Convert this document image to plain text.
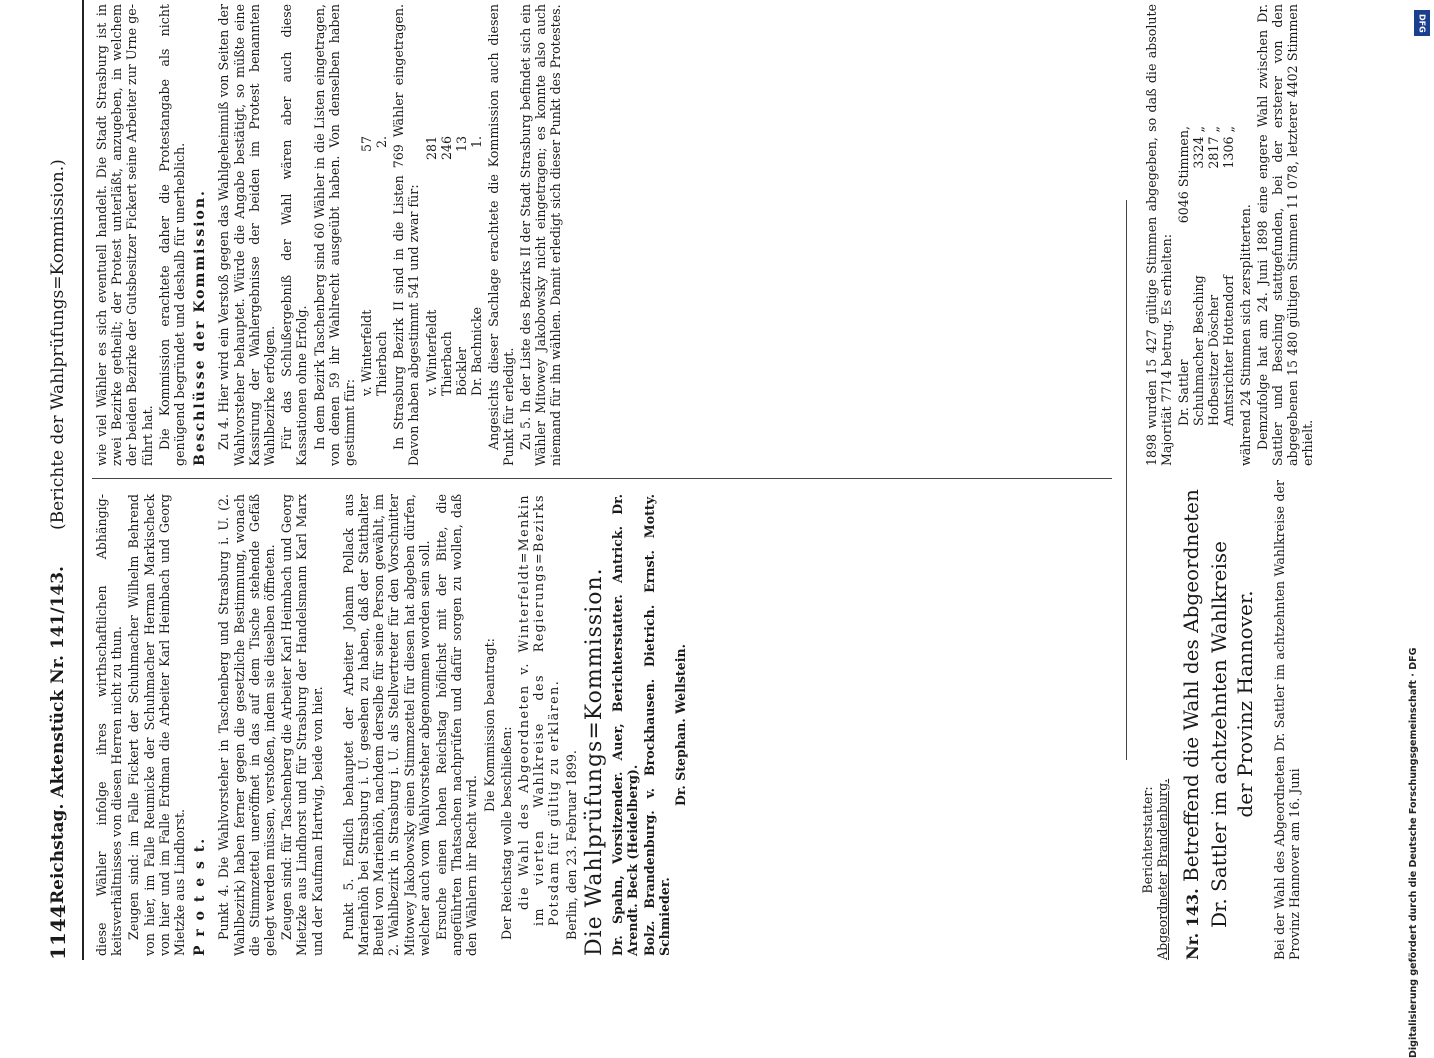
1144
Reichstag. Aktenstück Nr. 141/143.
(Berichte der Wahlprüfungs=Kommission.)

diese Wähler infolge ihres wirthschaftlichen Abhängigkeitsverhältnisses von diesen Herren nicht zu thun. Zeugen sind: im Falle Fickert der Schuhmacher Wilhelm Behrend von hier, im Falle Reumicke der Schuhmacher Herman Markischeck von hier und im Falle Erdman die Arbeiter Karl Heimbach und Georg Mietzke aus Lindhorst. P r o t e s t. Punkt 4. Die Wahlvorsteher in Taschenberg und Strasburg i. U. (2. Wahlbezirk) haben ferner gegen die gesetzliche Bestimmung, wonach die Stimmzettel uneröffnet in das auf dem Tische stehende Gefäß gelegt werden müssen, verstoßen, indem sie dieselben öffneten. Zeugen sind: für Taschenberg die Arbeiter Karl Heimbach und Georg Mietzke aus Lindhorst und für Strasburg der Handelsmann Karl Marx und der Kaufman Hartwig, beide von hier. Punkt 5. Endlich behauptet der Arbeiter Johann Pollack aus Marienhöh bei Strasburg i. U. gesehen zu haben, daß der Statthalter Beutel von Marienhöh, nachdem derselbe für seine Person gewählt, im 2. Wahlbezirk in Strasburg i. U. als Stellvertreter für den Vorschnitter Mitowey Jakobowsky einen Stimmzettel für diesen hat abgeben dürfen, welcher auch vom Wahlvorsteher abgenommen worden sein soll. Ersuche einen hohen Reichstag höflichst mit der Bitte, die angeführten Thatsachen nachprüfen und dafür sorgen zu wollen, daß den Wählern ihr Recht wird.

Die Kommission beantragt:

Der Reichstag wolle beschließen: die Wahl des Abgeordneten v. Winterfeldt=Menkin im vierten Wahlkreise des Regierungs=Bezirks Potsdam für gültig zu erklären. Berlin, den 23. Februar 1899. Die Wahlprüfungs=Kommission. Dr. Spahn, Vorsitzender. Auer, Berichterstatter. Antrick. Dr. Arendt. Beck (Heidelberg). Bolz. Brandenburg. v. Brockhausen. Dietrich. Ernst. Motty. Schmieder.

Dr. Stephan. Wellstein.

wie viel Wähler es sich eventuell handelt. Die Stadt Strasburg ist in zwei Bezirke getheilt; der Protest unterläßt, anzugeben, in welchem der beiden Bezirke der Gutsbesitzer Fickert seine Arbeiter zur Urne geführt hat. Die Kommission erachtete daher die Protestangabe als nicht genügend begründet und deshalb für unerheblich. Beschlüsse der Kommission. Zu 4. Hier wird ein Verstoß gegen das Wahlgeheimniß von Seiten der Wahlvorsteher behauptet. Würde die Angabe bestätigt, so müßte eine Kassirung der Wahlergebnisse der beiden im Protest benannten Wahlbezirke erfolgen. Für das Schlußergebniß der Wahl wären aber auch diese Kassationen ohne Erfolg. In dem Bezirk Taschenberg sind 60 Wähler in die Listen eingetragen, von denen 59 ihr Wahlrecht ausgeübt haben. Von denselben haben gestimmt für:

v. Winterfeldt
57
Thierbach
2. In Strasburg Bezirk II sind in die Listen 769 Wähler eingetragen. Davon haben abgestimmt 541 und zwar für: v. Winterfeldt
281
Thierbach
246
Böckler
13
Dr. Bachnicke
1. Angesichts dieser Sachlage erachtete die Kommission auch diesen Punkt für erledigt. Zu 5. In der Liste des Bezirks II der Stadt Strasburg befindet sich ein Wähler Mitowey Jakobowsky nicht eingetragen; es konnte also auch niemand für ihn wählen. Damit erledigt sich dieser Punkt des Protestes.

Berichterstatter: Abgeordneter Brandenburg. Nr. 143. Betreffend die Wahl des Abgeordneten Dr. Sattler im achtzehnten Wahlkreise der Provinz Hannover. Bei der Wahl des Abgeordneten Dr. Sattler im achtzehnten Wahlkreise der Provinz Hannover am 16. Juni

1898 wurden 15 427 gültige Stimmen abgegeben, so daß die absolute Majorität 7714 betrug. Es erhielten: Dr. Sattler
6046 Stimmen,
Schuhmacher Besching
3324 „
Hofbesitzer Döscher
2817 „
Amtsrichter Hottendorf
1306 „

während 24 Stimmen sich zersplitterten. Demzufolge hat am 24. Juni 1898 eine engere Wahl zwischen Dr. Sattler und Besching stattgefunden, bei der ersterer von den abgegebenen 15 480 gültigen Stimmen 11 078, letzterer 4402 Stimmen erhielt.

DFG
Digitalisierung gefördert durch die Deutsche Forschungsgemeinschaft · DFG
